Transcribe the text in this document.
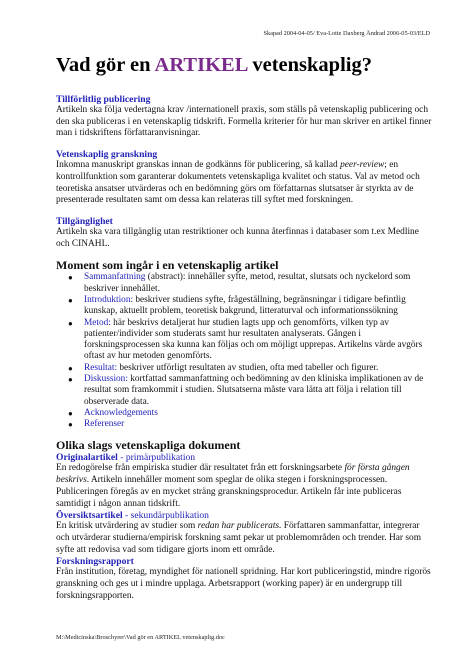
Skapad 2004-04-05/ Eva-Lotte Daxberg Ändrad 2006-05-03/ELD
Vad gör en ARTIKEL vetenskaplig?
Tillförlitlig publicering

Artikeln ska följa vedertagna krav /internationell praxis, som ställs på vetenskaplig publicering och den ska publiceras i en vetenskaplig tidskrift. Formella kriterier för hur man skriver en artikel finner man i tidskriftens författaranvisningar.

Vetenskaplig granskning

Inkomna manuskript granskas innan de godkänns för publicering, så kallad peer-review; en kontrollfunktion som garanterar dokumentets vetenskapliga kvalitet och status. Val av metod och teoretiska ansatser utvärderas och en bedömning görs om författarnas slutsatser är styrkta av de presenterade resultaten samt om dessa kan relateras till syftet med forskningen.

Tillgänglighet

Artikeln ska vara tillgänglig utan restriktioner och kunna återfinnas i databaser som t.ex Medline och CINAHL.

Moment som ingår i en vetenskaplig artikel
● Sammanfattning (abstract): innehåller syfte, metod, resultat, slutsats och nyckelord som beskriver innehållet.
● Introduktion: beskriver studiens syfte, frågeställning, begränsningar i tidigare befintlig kunskap, aktuellt problem, teoretisk bakgrund, litteraturval och informationssökning
● Metod: här beskrivs detaljerat hur studien lagts upp och genomförts, vilken typ av patienter/individer som studerats samt hur resultaten analyserats. Gången i forskningsprocessen ska kunna kan följas och om möjligt upprepas. Artikelns värde avgörs oftast av hur metoden genomförts.
● Resultat: beskriver utförligt resultaten av studien, ofta med tabeller och figurer.
● Diskussion: kortfattad sammanfattning och bedömning av den kliniska implikationen av de resultat som framkommit i studien. Slutsatserna måste vara lätta att följa i relation till observerade data.
● Acknowledgements
● Referenser
Olika slags vetenskapliga dokument
Originalartikel - primärpublikation

En redogörelse från empiriska studier där resultatet från ett forskningsarbete för första gången beskrivs. Artikeln innehåller moment som speglar de olika stegen i forskningsprocessen. Publiceringen föregås av en mycket sträng granskningsprocedur. Artikeln får inte publiceras samtidigt i någon annan tidskrift.

Översiktsartikel - sekundärpublikation

En kritisk utvärdering av studier som redan har publicerats. Författaren sammanfattar, integrerar och utvärderar studierna/empirisk forskning samt pekar ut problemområden och trender. Har som syfte att redovisa vad som tidigare gjorts inom ett område.

Forskningsrapport

Från institution, företag, myndighet för nationell spridning. Har kort publiceringstid, mindre rigorös granskning och ges ut i mindre upplaga. Arbetsrapport (working paper) är en undergrupp till forskningsrapporten.

M:\Medicinska\Broschyrer\Vad gör en ARTIKEL vetenskaplig.doc
